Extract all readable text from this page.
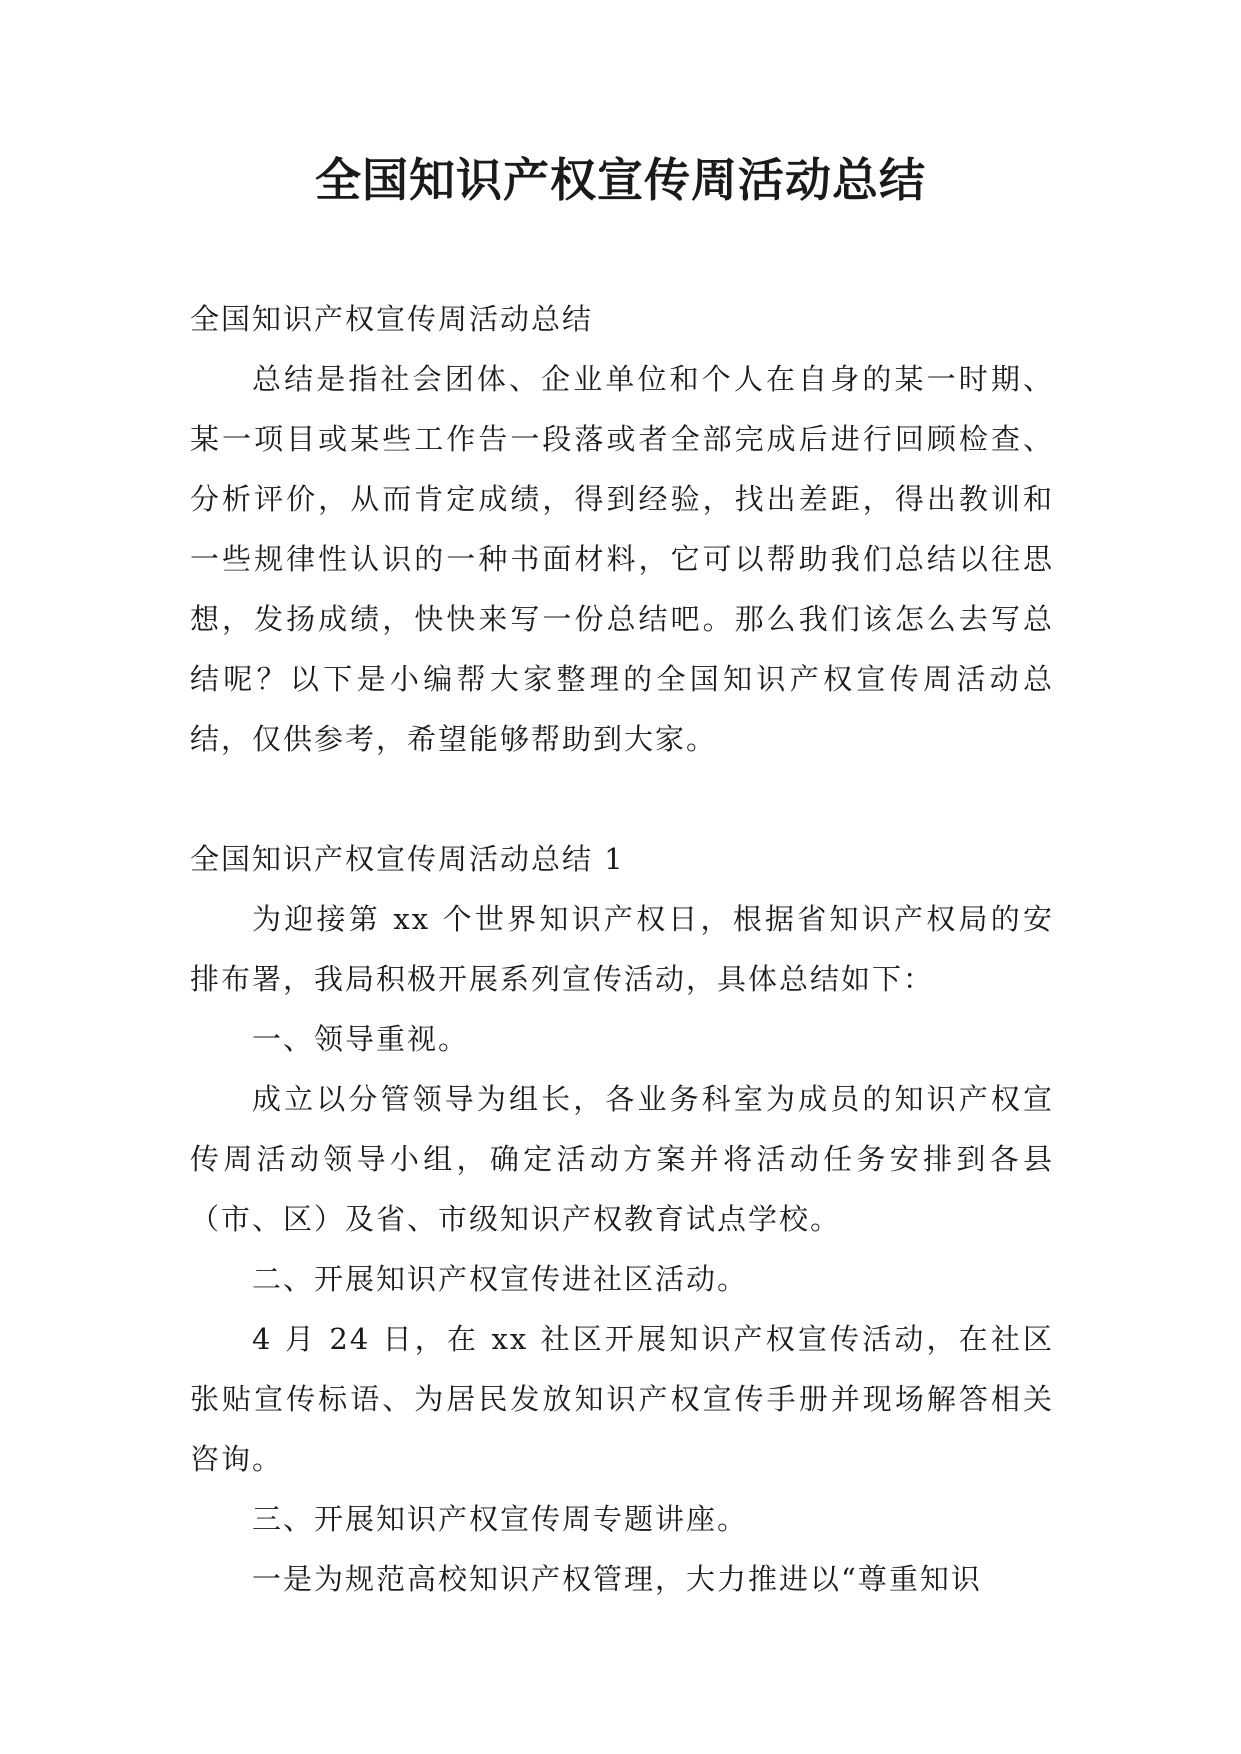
全国知识产权宣传周活动总结

全国知识产权宣传周活动总结

总结是指社会团体、企业单位和个人在自身的某一时期、某一项目或某些工作告一段落或者全部完成后进行回顾检查、分析评价，从而肯定成绩，得到经验，找出差距，得出教训和一些规律性认识的一种书面材料，它可以帮助我们总结以往思想，发扬成绩，快快来写一份总结吧。那么我们该怎么去写总结呢？以下是小编帮大家整理的全国知识产权宣传周活动总结，仅供参考，希望能够帮助到大家。

全国知识产权宣传周活动总结 1

为迎接第 xx 个世界知识产权日，根据省知识产权局的安排布署，我局积极开展系列宣传活动，具体总结如下：

一、领导重视。

成立以分管领导为组长，各业务科室为成员的知识产权宣传周活动领导小组，确定活动方案并将活动任务安排到各县（市、区）及省、市级知识产权教育试点学校。

二、开展知识产权宣传进社区活动。

4 月 24 日，在 xx 社区开展知识产权宣传活动，在社区张贴宣传标语、为居民发放知识产权宣传手册并现场解答相关咨询。

三、开展知识产权宣传周专题讲座。

一是为规范高校知识产权管理，大力推进以“尊重知识
